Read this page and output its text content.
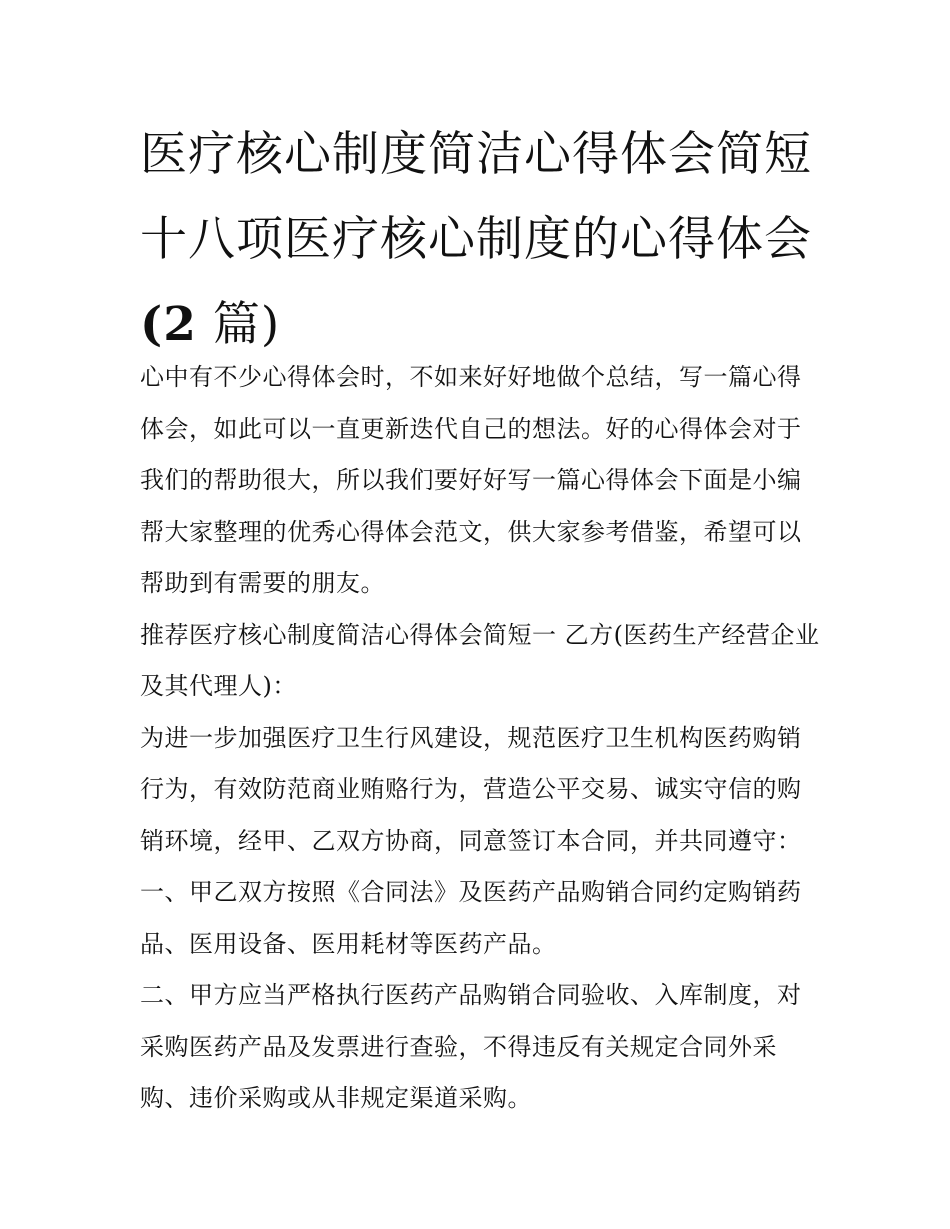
医疗核心制度简洁心得体会简短 十八项医疗核心制度的心得体会(2 篇)

心中有不少心得体会时，不如来好好地做个总结，写一篇心得体会，如此可以一直更新迭代自己的想法。好的心得体会对于我们的帮助很大，所以我们要好好写一篇心得体会下面是小编帮大家整理的优秀心得体会范文，供大家参考借鉴，希望可以帮助到有需要的朋友。

推荐医疗核心制度简洁心得体会简短一 乙方(医药生产经营企业及其代理人)：

为进一步加强医疗卫生行风建设，规范医疗卫生机构医药购销行为，有效防范商业贿赂行为，营造公平交易、诚实守信的购销环境，经甲、乙双方协商，同意签订本合同，并共同遵守：

一、甲乙双方按照《合同法》及医药产品购销合同约定购销药品、医用设备、医用耗材等医药产品。

二、甲方应当严格执行医药产品购销合同验收、入库制度，对采购医药产品及发票进行查验，不得违反有关规定合同外采购、违价采购或从非规定渠道采购。
